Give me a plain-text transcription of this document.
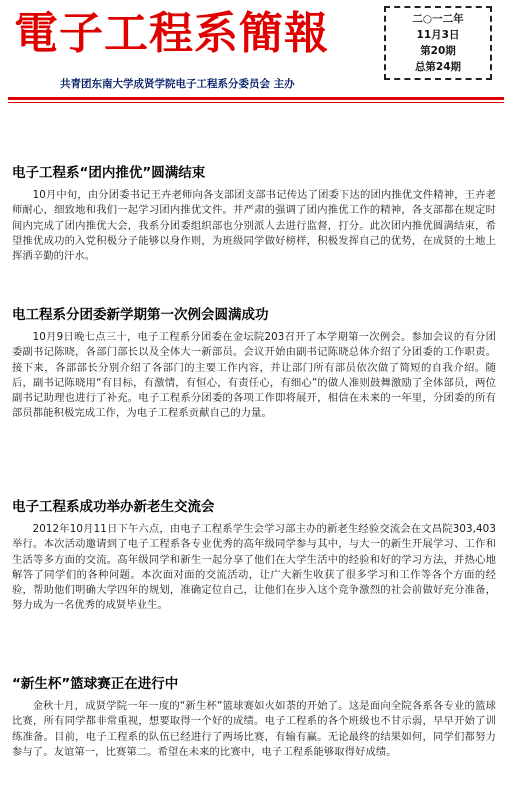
電子工程系簡報
共青团东南大学成贤学院电子工程系分委员会 主办
二○一二年
11月3日
第20期
总第24期
电子工程系“团内推优”圆满结束

10月中旬，由分团委书记王卉老师向各支部团支部书记传达了团委下达的团内推优文件精神，王卉老师耐心，细致地和我们一起学习团内推优文件。并严肃的强调了团内推优工作的精神，各支部都在规定时间内完成了团内推优大会，我系分团委组织部也分别派人去进行监督，打分。此次团内推优圆满结束，希望推优成功的入党积极分子能够以身作则，为班级同学做好榜样，积极发挥自己的优势，在成贤的土地上挥洒辛勤的汗水。

电工程系分团委新学期第一次例会圆满成功

10月9日晚七点三十，电子工程系分团委在金坛院203召开了本学期第一次例会。参加会议的有分团委副书记陈晓，各部门部长以及全体大一新部员。会议开始由副书记陈晓总体介绍了分团委的工作职责。接下来，各部部长分别介绍了各部门的主要工作内容，并让部门所有部员依次做了简短的自我介绍。随后，副书记陈晓用“有目标，有激情，有恒心，有责任心，有细心”的做人准则鼓舞激励了全体部员，两位副书记助理也进行了补充。电子工程系分团委的各项工作即将展开，相信在未来的一年里，分团委的所有部员都能积极完成工作，为电子工程系贡献自己的力量。

电子工程系成功举办新老生交流会

2012年10月11日下午六点，由电子工程系学生会学习部主办的新老生经验交流会在文昌院303,403举行。本次活动邀请到了电子工程系各专业优秀的高年级同学参与其中，与大一的新生开展学习、工作和生活等多方面的交流。高年级同学和新生一起分享了他们在大学生活中的经验和好的学习方法，并热心地解答了同学们的各种问题。本次面对面的交流活动，让广大新生收获了很多学习和工作等各个方面的经验，帮助他们明确大学四年的规划，准确定位自己，让他们在步入这个竞争激烈的社会前做好充分准备，努力成为一名优秀的成贤毕业生。

“新生杯”篮球赛正在进行中

金秋十月，成贤学院一年一度的“新生杯”篮球赛如火如荼的开始了。这是面向全院各系各专业的篮球比赛，所有同学都非常重视，想要取得一个好的成绩。电子工程系的各个班级也不甘示弱，早早开始了训练准备。目前，电子工程系的队伍已经进行了两场比赛，有输有赢。无论最终的结果如何，同学们都努力参与了。友谊第一，比赛第二。希望在未来的比赛中，电子工程系能够取得好成绩。
